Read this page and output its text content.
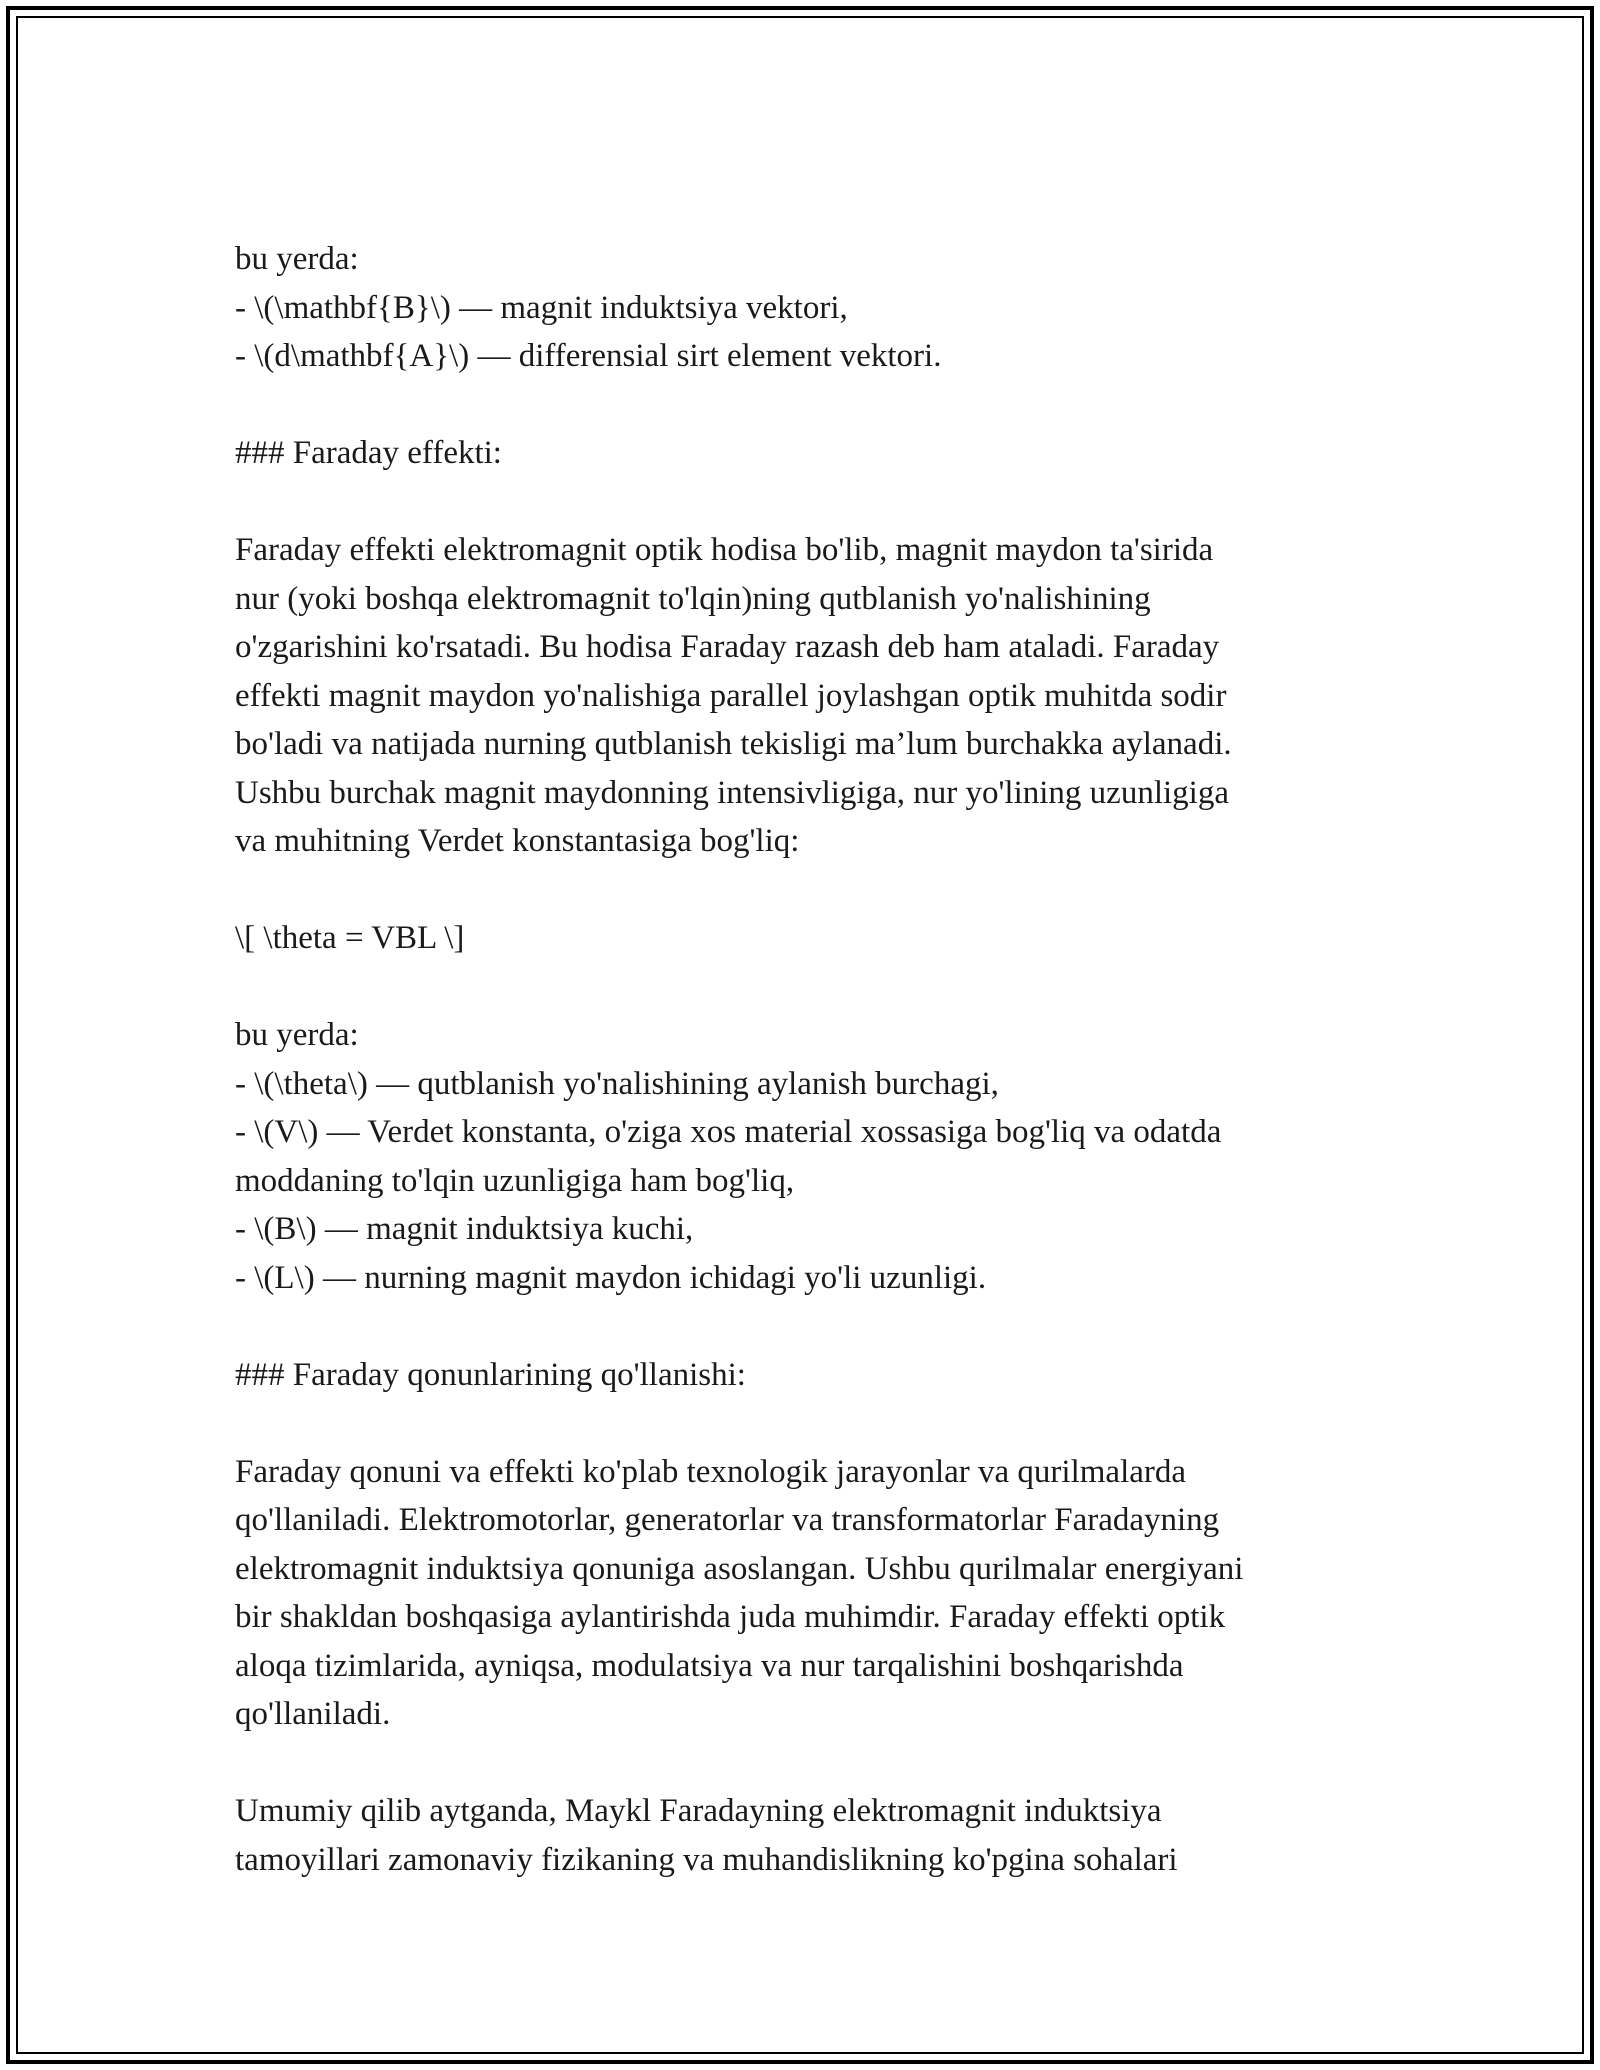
bu yerda:
- \(\mathbf{B}\) — magnit induktsiya vektori,
- \(d\mathbf{A}\) — differensial sirt element vektori.

### Faraday effekti:

Faraday effekti elektromagnit optik hodisa bo'lib, magnit maydon ta'sirida
nur (yoki boshqa elektromagnit to'lqin)ning qutblanish yo'nalishining
o'zgarishini ko'rsatadi. Bu hodisa Faraday razash deb ham ataladi. Faraday
effekti magnit maydon yo'nalishiga parallel joylashgan optik muhitda sodir
bo'ladi va natijada nurning qutblanish tekisligi ma’lum burchakka aylanadi.
Ushbu burchak magnit maydonning intensivligiga, nur yo'lining uzunligiga
va muhitning Verdet konstantasiga bog'liq:

\[ \theta = VBL \]

bu yerda:
- \(\theta\) — qutblanish yo'nalishining aylanish burchagi,
- \(V\) — Verdet konstanta, o'ziga xos material xossasiga bog'liq va odatda
moddaning to'lqin uzunligiga ham bog'liq,
- \(B\) — magnit induktsiya kuchi,
- \(L\) — nurning magnit maydon ichidagi yo'li uzunligi.

### Faraday qonunlarining qo'llanishi:

Faraday qonuni va effekti ko'plab texnologik jarayonlar va qurilmalarda
qo'llaniladi. Elektromotorlar, generatorlar va transformatorlar Faradayning
elektromagnit induktsiya qonuniga asoslangan. Ushbu qurilmalar energiyani
bir shakldan boshqasiga aylantirishda juda muhimdir. Faraday effekti optik
aloqa tizimlarida, ayniqsa, modulatsiya va nur tarqalishini boshqarishda
qo'llaniladi.

Umumiy qilib aytganda, Maykl Faradayning elektromagnit induktsiya
tamoyillari zamonaviy fizikaning va muhandislikning ko'pgina sohalari
